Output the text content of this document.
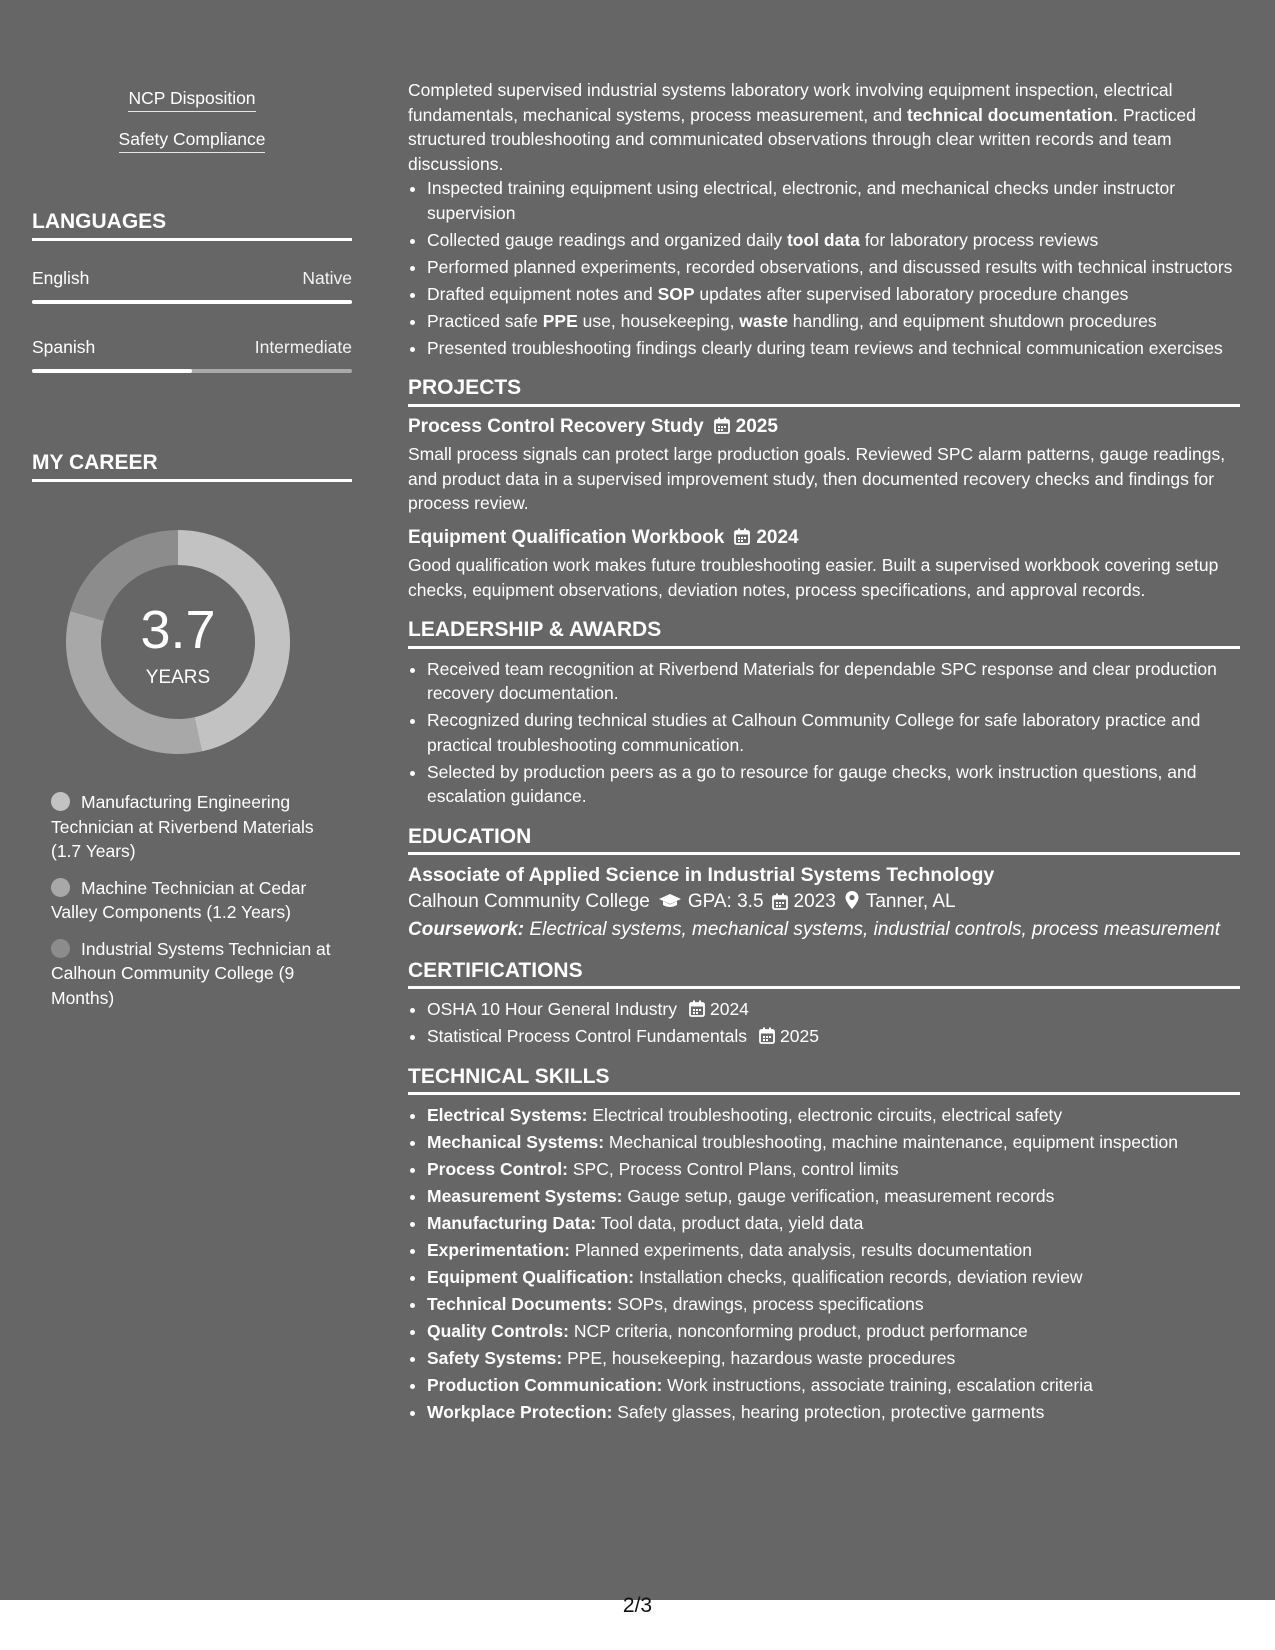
NCP Disposition
Safety Compliance
LANGUAGES
English	Native
Spanish	Intermediate
MY CAREER
3.7
YEARS
Manufacturing Engineering Technician at Riverbend Materials (1.7 Years)
Machine Technician at Cedar Valley Components (1.2 Years)
Industrial Systems Technician at Calhoun Community College (9 Months)

Completed supervised industrial systems laboratory work involving equipment inspection, electrical fundamentals, mechanical systems, process measurement, and technical documentation. Practiced structured troubleshooting and communicated observations through clear written records and team discussions.

• Inspected training equipment using electrical, electronic, and mechanical checks under instructor supervision
• Collected gauge readings and organized daily tool data for laboratory process reviews
• Performed planned experiments, recorded observations, and discussed results with technical instructors
• Drafted equipment notes and SOP updates after supervised laboratory procedure changes
• Practiced safe PPE use, housekeeping, waste handling, and equipment shutdown procedures
• Presented troubleshooting findings clearly during team reviews and technical communication exercises
PROJECTS
Process Control Recovery Study 2025

Small process signals can protect large production goals. Reviewed SPC alarm patterns, gauge readings, and product data in a supervised improvement study, then documented recovery checks and findings for process review.

Equipment Qualification Workbook 2024

Good qualification work makes future troubleshooting easier. Built a supervised workbook covering setup checks, equipment observations, deviation notes, process specifications, and approval records.

LEADERSHIP & AWARDS
• Received team recognition at Riverbend Materials for dependable SPC response and clear production recovery documentation.
• Recognized during technical studies at Calhoun Community College for safe laboratory practice and practical troubleshooting communication.
• Selected by production peers as a go to resource for gauge checks, work instruction questions, and escalation guidance.
EDUCATION
Associate of Applied Science in Industrial Systems Technology
Calhoun Community College GPA: 3.5 2023 Tanner, AL
Coursework: Electrical systems, mechanical systems, industrial controls, process measurement
CERTIFICATIONS
• OSHA 10 Hour General Industry 2024
• Statistical Process Control Fundamentals 2025
TECHNICAL SKILLS
• Electrical Systems: Electrical troubleshooting, electronic circuits, electrical safety
• Mechanical Systems: Mechanical troubleshooting, machine maintenance, equipment inspection
• Process Control: SPC, Process Control Plans, control limits
• Measurement Systems: Gauge setup, gauge verification, measurement records
• Manufacturing Data: Tool data, product data, yield data
• Experimentation: Planned experiments, data analysis, results documentation
• Equipment Qualification: Installation checks, qualification records, deviation review
• Technical Documents: SOPs, drawings, process specifications
• Quality Controls: NCP criteria, nonconforming product, product performance
• Safety Systems: PPE, housekeeping, hazardous waste procedures
• Production Communication: Work instructions, associate training, escalation criteria
• Workplace Protection: Safety glasses, hearing protection, protective garments
2/3
